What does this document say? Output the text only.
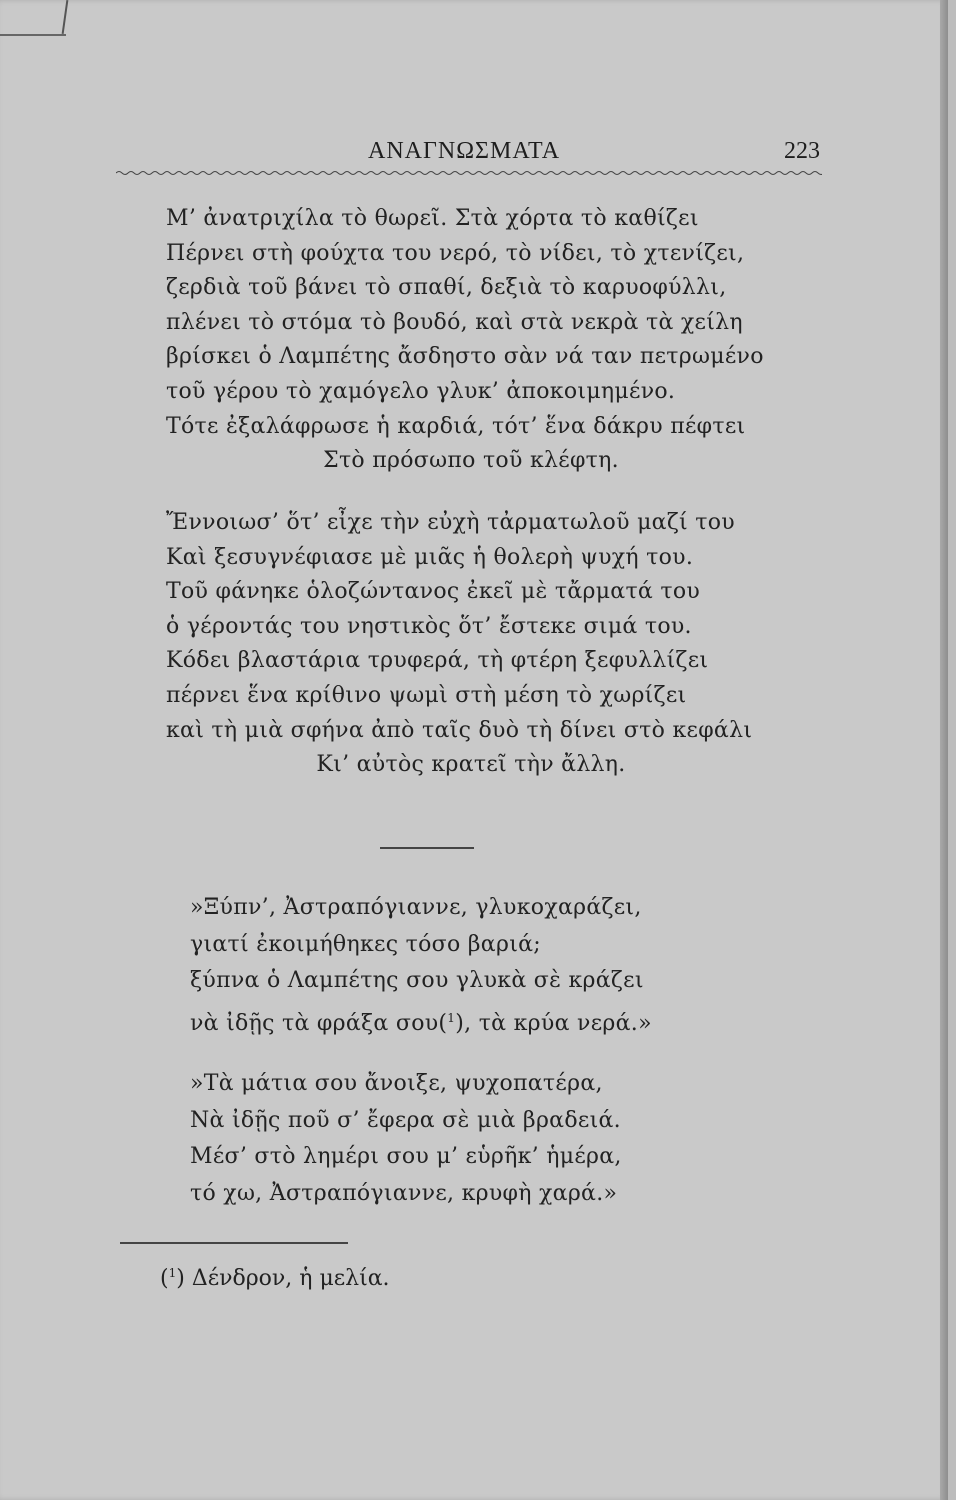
ΑΝΑΓΝΩΣΜΑΤΑ	223
Μ’ ἀνατριχίλα τὸ θωρεῖ. Στὰ χόρτα τὸ καθίζει
Πέρνει στὴ φούχτα του νερό, τὸ νίδει, τὸ χτενίζει,
ζερδιὰ τοῦ βάνει τὸ σπαθί, δεξιὰ τὸ καρυοφύλλι,
πλένει τὸ στόμα τὸ βουδό, καὶ στὰ νεκρὰ τὰ χείλη
βρίσκει ὁ Λαμπέτης ἄσδηστο σὰν νά ταν πετρωμένο
τοῦ γέρου τὸ χαμόγελο γλυκ’ ἀποκοιμημένο.
Τότε ἐξαλάφρωσε ἡ καρδιά, τότ’ ἕνα δάκρυ πέφτει
Στὸ πρόσωπο τοῦ κλέφτη.
Ἔννοιωσ’ ὅτ’ εἶχε τὴν εὐχὴ τἀρματωλοῦ μαζί του
Καὶ ξεσυγνέφιασε μὲ μιᾶς ἡ θολερὴ ψυχή του.
Τοῦ φάνηκε ὁλοζώντανος ἐκεῖ μὲ τἄρματά του
ὁ γέροντάς του νηστικὸς ὅτ’ ἔστεκε σιμά του.
Κόδει βλαστάρια τρυφερά, τὴ φτέρη ξεφυλλίζει
πέρνει ἕνα κρίθινο ψωμὶ στὴ μέση τὸ χωρίζει
καὶ τὴ μιὰ σφήνα ἀπὸ ταῖς δυὸ τὴ δίνει στὸ κεφάλι
Κι’ αὐτὸς κρατεῖ τὴν ἄλλη.
»Ξύπν’, Ἀστραπόγιαννε, γλυκοχαράζει,
γιατί ἐκοιμήθηκες τόσο βαριά;
ξύπνα ὁ Λαμπέτης σου γλυκὰ σὲ κράζει
νὰ ἰδῇς τὰ φράξα σου($^1$), τὰ κρύα νερά.»
»Τὰ μάτια σου ἄνοιξε, ψυχοπατέρα,
Νὰ ἰδῇς ποῦ σ’ ἔφερα σὲ μιὰ βραδειά.
Μέσ’ στὸ λημέρι σου μ’ εὑρῆκ’ ἡμέρα,
τό χω, Ἀστραπόγιαννε, κρυφὴ χαρά.»
($^1$) Δένδρον, ἡ μελία.
